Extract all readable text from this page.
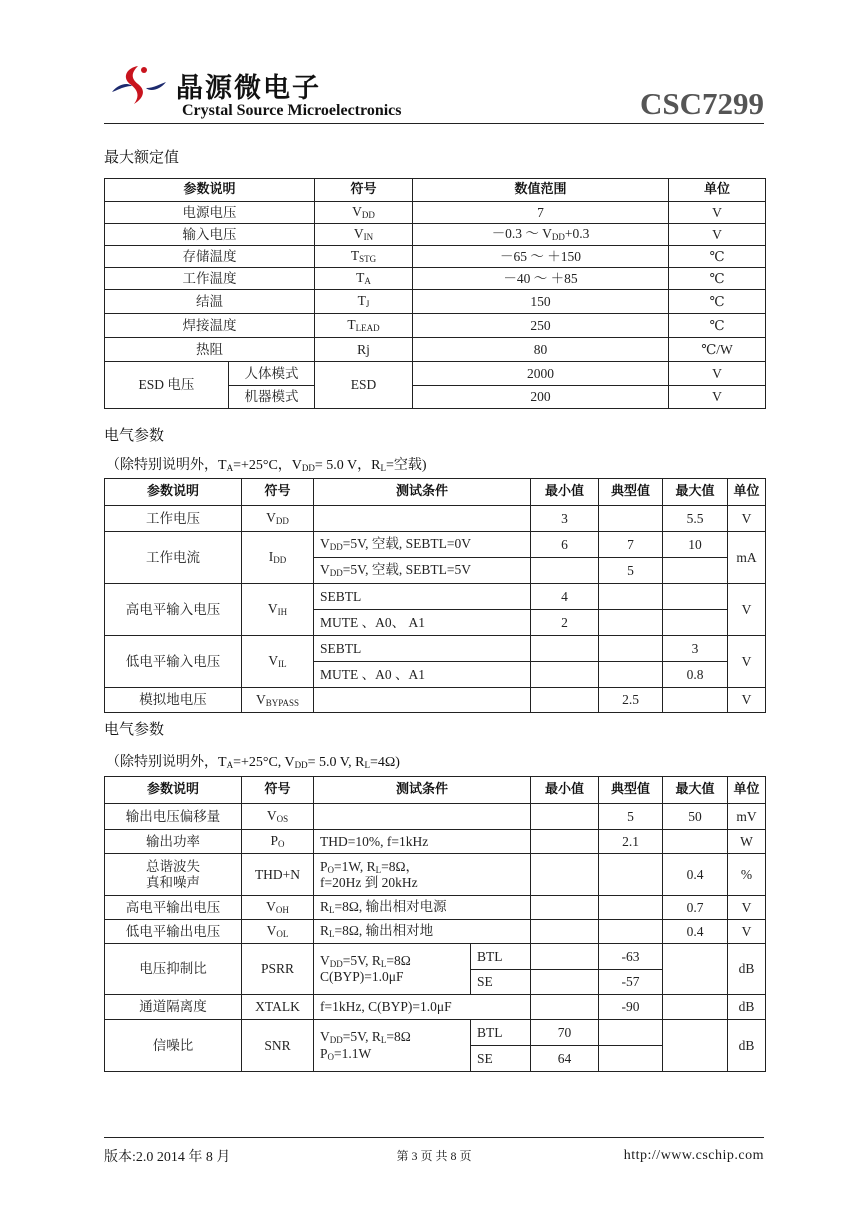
晶源微电子
Crystal Source Microelectronics	CSC7299
最大额定值
参数说明		符号	数值范围	单位
电源电压		$V_{DD}$	7	V
输入电压		$V_{IN}$	－0.3 ～ $V_{DD}+0.3$	V
存储温度		$T_{STG}$	－65 ～ ＋150	℃
工作温度		$T_A$	－40 ～ ＋85	℃
结温		$T_J$	150	℃
焊接温度		$T_{LEAD}$	250	℃
热阻		Rj	80	℃/W
ESD 电压	人体模式	ESD	2000	V
	机器模式		200	V
电气参数
（除特别说明外，$T_A=+25^\circ C$，$V_{DD}= 5.0$ V，$R_L=$空载)
参数说明	符号	测试条件	最小值	典型值	最大值	单位
工作电压	$V_{DD}$		3		5.5	V
工作电流	$I_{DD}$	$V_{DD}=5V$, 空载, SEBTL=0V	6	7	10	mA
		$V_{DD}=5V$, 空载, SEBTL=5V		5		
高电平输入电压	$V_{IH}$	SEBTL	4			V
		MUTE 、A0、 A1	2			
低电平输入电压	$V_{IL}$	SEBTL			3	V
		MUTE 、A0 、A1			0.8	
模拟地电压	$V_{BYPASS}$			2.5		V
电气参数
（除特别说明外，$T_A=+25^\circ C$, $V_{DD}= 5.0$ V, $R_L=4\Omega$)
参数说明	符号	测试条件		最小值	典型值	最大值	单位
输出电压偏移量	$V_{OS}$				5	50	mV
输出功率	$P_O$	THD=10%, f=1kHz			2.1		W
总谐波失
真和噪声	THD+N	$P_O=1W$, $R_L=8\Omega$，
f=20Hz 到 20kHz				0.4	%
高电平输出电压	$V_{OH}$	$R_L=8\Omega$, 输出相对电源				0.7	V
低电平输出电压	$V_{OL}$	$R_L=8\Omega$, 输出相对地				0.4	V
电压抑制比	PSRR	$V_{DD}=5V$, $R_L=8\Omega$
C(BYP)=1.0μF	BTL		-63		dB
			SE		-57		
通道隔离度	XTALK	f=1kHz, C(BYP)=1.0μF			-90		dB
信噪比	SNR	$V_{DD}=5V$, $R_L=8\Omega$
$P_O=1.1W$	BTL	70			dB
			SE	64			
版本:2.0 2014 年 8 月	第 3 页 共 8 页	http://www.cschip.com
